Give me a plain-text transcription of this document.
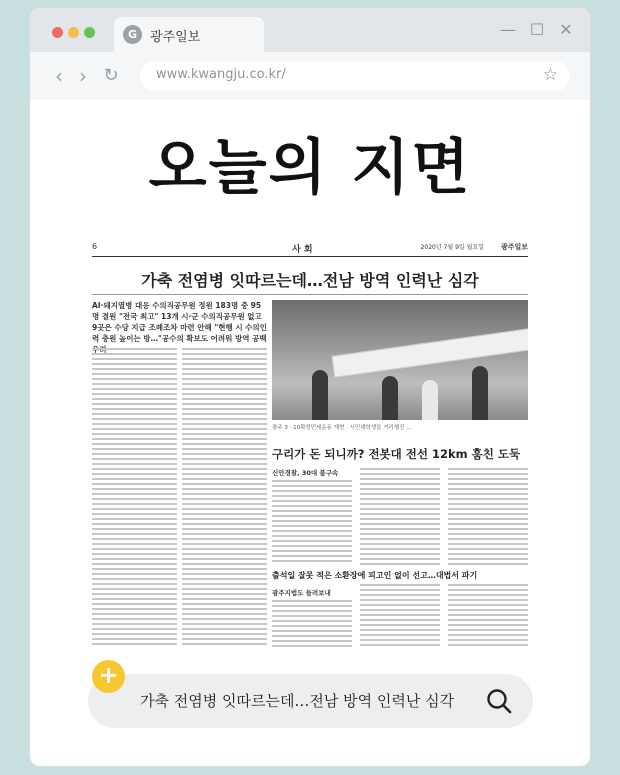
G 광주일보	— ☐ ✕
‹ › ↻	www.kwangju.co.kr/	☆
오늘의 지면
6	사 회	2020년 7월 9일 월요일 광주일보
가축 전염병 잇따르는데…전남 방역 인력난 심각
AI·돼지열병 대응 수의직공무원 정원 183명 중 95명 결원 "전국 최고" 13개 시·군 수의직공무원 없고 9곳은 수당 지급 조례조차 마련 안해 "현행 시 수의인력 충원 높이는 방…"공수의 확보도 어려워 방역 공백
광주 3 · 10확정민세운동 재현 · 시민대학생들 거리행진 ...
구리가 돈 되니까? 전봇대 전선 12km 훔친 도둑
신안경찰, 30대 불구속
출석일 잘못 적은 소환장에 피고인 없이 선고…대법서 파기
광주지법도 들려보내
가축 전염병 잇따르는데…전남 방역 인력난 심각
+
